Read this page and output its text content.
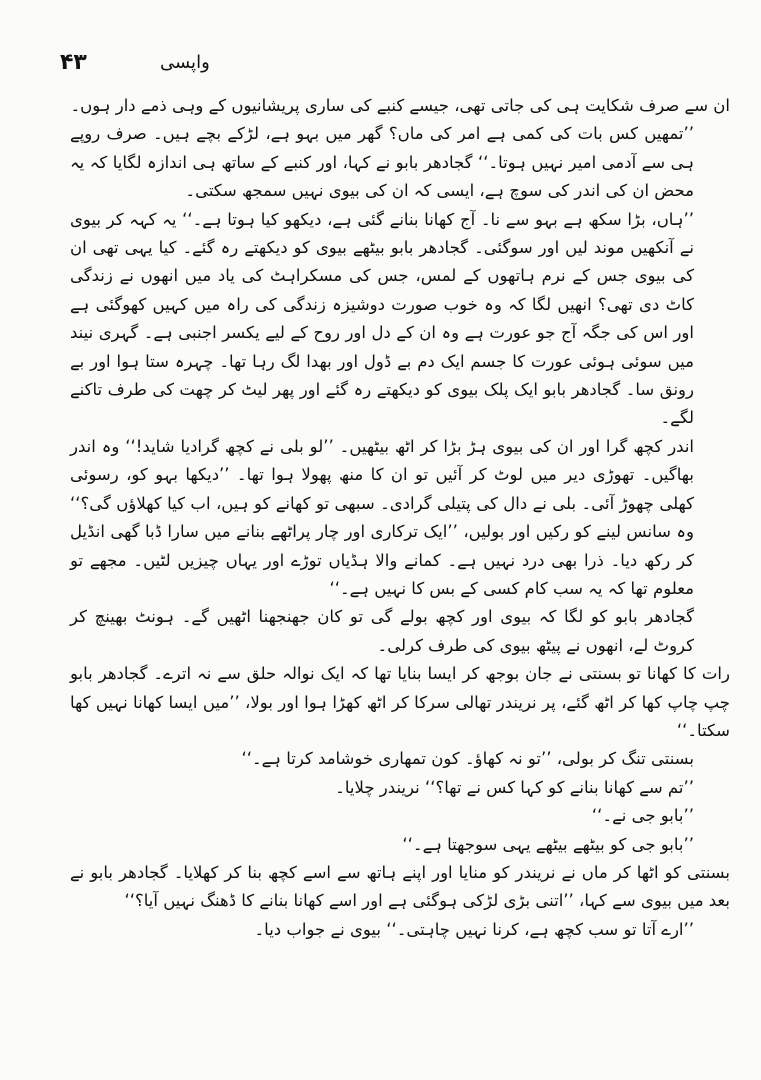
۴۳	واپسی

ان سے صرف شکایت ہی کی جاتی تھی، جیسے کنبے کی ساری پریشانیوں کے وہی ذمے دار ہوں۔

’’تمھیں کس بات کی کمی ہے امر کی ماں؟ گھر میں بہو ہے، لڑکے بچے ہیں۔ صرف روپے ہی سے آدمی امیر نہیں ہوتا۔‘‘ گجادھر بابو نے کہا، اور کنبے کے ساتھ ہی اندازہ لگایا کہ یہ محض ان کی اندر کی سوچ ہے، ایسی کہ ان کی بیوی نہیں سمجھ سکتی۔

’’ہاں، بڑا سکھ ہے بہو سے نا۔ آج کھانا بنانے گئی ہے، دیکھو کیا ہوتا ہے۔‘‘ یہ کہہ کر بیوی نے آنکھیں موند لیں اور سوگئی۔ گجادھر بابو بیٹھے بیوی کو دیکھتے رہ گئے۔ کیا یہی تھی ان کی بیوی جس کے نرم ہاتھوں کے لمس، جس کی مسکراہٹ کی یاد میں انھوں نے زندگی کاٹ دی تھی؟ انھیں لگا کہ وہ خوب صورت دوشیزہ زندگی کی راہ میں کہیں کھوگئی ہے اور اس کی جگہ آج جو عورت ہے وہ ان کے دل اور روح کے لیے یکسر اجنبی ہے۔ گہری نیند میں سوئی ہوئی عورت کا جسم ایک دم بے ڈول اور بھدا لگ رہا تھا۔ چہرہ ستا ہوا اور بے رونق سا۔ گجادھر بابو ایک پلک بیوی کو دیکھتے رہ گئے اور پھر لیٹ کر چھت کی طرف تاکنے لگے۔

اندر کچھ گرا اور ان کی بیوی ہڑ بڑا کر اٹھ بیٹھیں۔ ’’لو بلی نے کچھ گرادیا شاید!‘‘ وہ اندر بھاگیں۔ تھوڑی دیر میں لوٹ کر آئیں تو ان کا منھ پھولا ہوا تھا۔ ’’دیکھا بہو کو، رسوئی کھلی چھوڑ آئی۔ بلی نے دال کی پتیلی گرادی۔ سبھی تو کھانے کو ہیں، اب کیا کھلاؤں گی؟‘‘ وہ سانس لینے کو رکیں اور بولیں، ’’ایک ترکاری اور چار پراٹھے بنانے میں سارا ڈبا گھی انڈیل کر رکھ دیا۔ ذرا بھی درد نہیں ہے۔ کمانے والا ہڈیاں توڑے اور یہاں چیزیں لٹیں۔ مجھے تو معلوم تھا کہ یہ سب کام کسی کے بس کا نہیں ہے۔‘‘

گجادھر بابو کو لگا کہ بیوی اور کچھ بولے گی تو کان جھنجھنا اٹھیں گے۔ ہونٹ بھینچ کر کروٹ لے، انھوں نے پیٹھ بیوی کی طرف کرلی۔

رات کا کھانا تو بسنتی نے جان بوجھ کر ایسا بنایا تھا کہ ایک نوالہ حلق سے نہ اترے۔ گجادھر بابو چپ چاپ کھا کر اٹھ گئے، پر نریندر تھالی سرکا کر اٹھ کھڑا ہوا اور بولا، ’’میں ایسا کھانا نہیں کھا سکتا۔‘‘

بسنتی تنگ کر بولی، ’’تو نہ کھاؤ۔ کون تمھاری خوشامد کرتا ہے۔‘‘

’’تم سے کھانا بنانے کو کہا کس نے تھا؟‘‘ نریندر چلایا۔

’’بابو جی نے۔‘‘

’’بابو جی کو بیٹھے بیٹھے یہی سوجھتا ہے۔‘‘

بسنتی کو اٹھا کر ماں نے نریندر کو منایا اور اپنے ہاتھ سے اسے کچھ بنا کر کھلایا۔ گجادھر بابو نے بعد میں بیوی سے کہا، ’’اتنی بڑی لڑکی ہوگئی ہے اور اسے کھانا بنانے کا ڈھنگ نہیں آیا؟‘‘

’’ارے آتا تو سب کچھ ہے، کرنا نہیں چاہتی۔‘‘ بیوی نے جواب دیا۔
